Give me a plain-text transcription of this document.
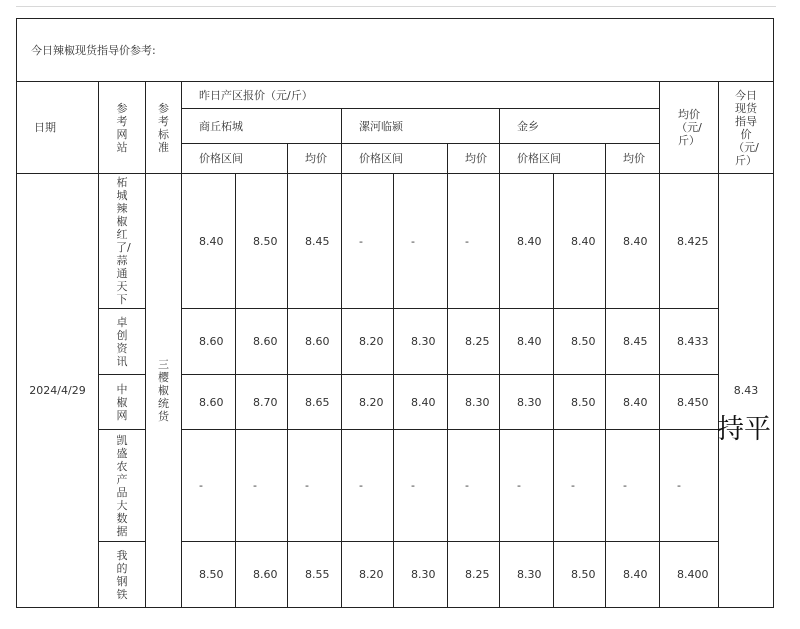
今日辣椒现货指导价参考:													
日期	参考网站	参考标准	昨日产区报价（元/斤）									均价（元/斤）	今日现货指导价（元/斤）

			商丘柘城			漯河临颍			金乡				
			价格区间		均价	价格区间		均价	价格区间		均价		
2024/4/29	柘城辣椒红了/蒜通天下	三樱椒统货	8.40	8.50	8.45	-	-	-	8.40	8.40	8.40	8.425	8.43
	卓创资讯		8.60	8.60	8.60	8.20	8.30	8.25	8.40	8.50	8.45	8.433	
	中椒网		8.60	8.70	8.65	8.20	8.40	8.30	8.30	8.50	8.40	8.450	
	凯盛农产品大数据		-	-	-	-	-	-	-	-	-	-	
	我的钢铁		8.50	8.60	8.55	8.20	8.30	8.25	8.30	8.50	8.40	8.400	
持平
